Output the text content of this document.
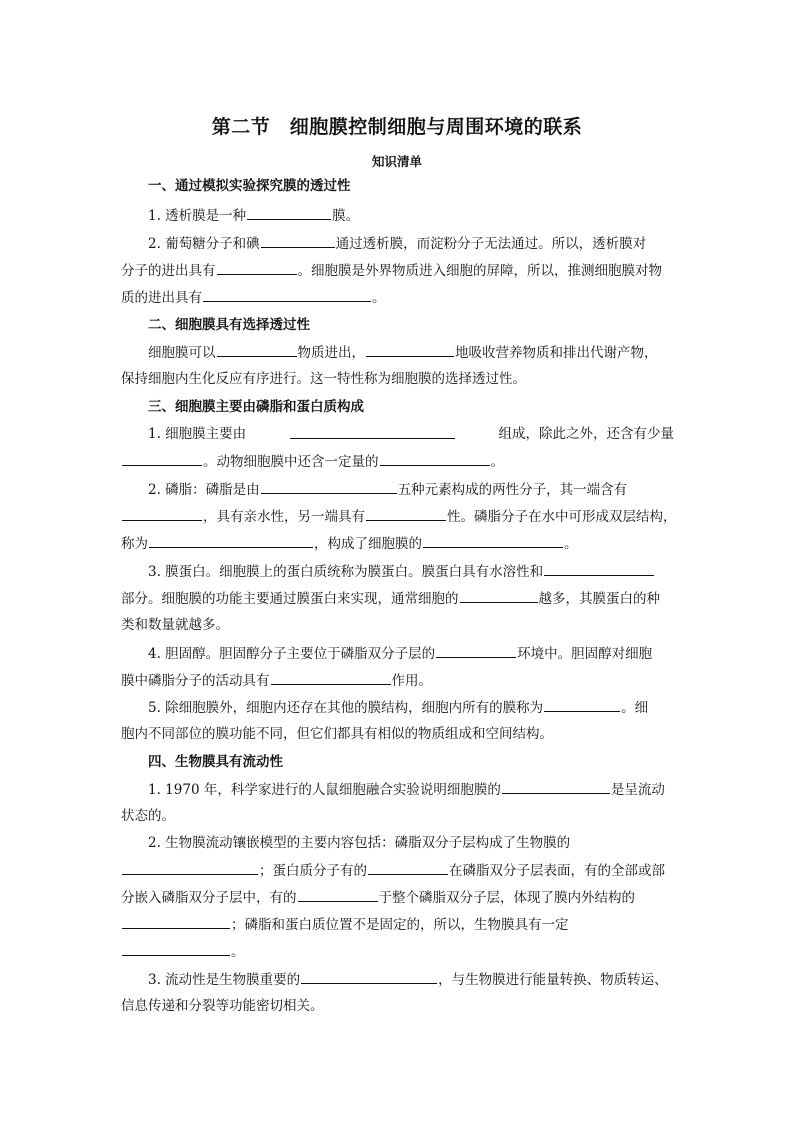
第二节　细胞膜控制细胞与周围环境的联系
知识清单
一、通过模拟实验探究膜的透过性
1. 透析膜是一种	膜。
2. 葡萄糖分子和碘	通过透析膜，而淀粉分子无法通过。所以，透析膜对
分子的进出具有	。细胞膜是外界物质进入细胞的屏障，所以，推测细胞膜对物
质的进出具有	。
二、细胞膜具有选择透过性
细胞膜可以	物质进出，	地吸收营养物质和排出代谢产物，
保持细胞内生化反应有序进行。这一特性称为细胞膜的选择透过性。
三、细胞膜主要由磷脂和蛋白质构成
1. 细胞膜主要由	组成，除此之外，还含有少量
。动物细胞膜中还含一定量的	。
2. 磷脂：磷脂是由	五种元素构成的两性分子，其一端含有
，具有亲水性，另一端具有	性。磷脂分子在水中可形成双层结构，
称为	，构成了细胞膜的	。
3. 膜蛋白。细胞膜上的蛋白质统称为膜蛋白。膜蛋白具有水溶性和
部分。细胞膜的功能主要通过膜蛋白来实现，通常细胞的	越多，其膜蛋白的种
类和数量就越多。
4. 胆固醇。胆固醇分子主要位于磷脂双分子层的	环境中。胆固醇对细胞
膜中磷脂分子的活动具有	作用。
5. 除细胞膜外，细胞内还存在其他的膜结构，细胞内所有的膜称为	。细
胞内不同部位的膜功能不同，但它们都具有相似的物质组成和空间结构。
四、生物膜具有流动性
1. 1970 年，科学家进行的人鼠细胞融合实验说明细胞膜的	是呈流动
状态的。
2. 生物膜流动镶嵌模型的主要内容包括：磷脂双分子层构成了生物膜的
；蛋白质分子有的	在磷脂双分子层表面，有的全部或部
分嵌入磷脂双分子层中，有的	于整个磷脂双分子层，体现了膜内外结构的
；磷脂和蛋白质位置不是固定的，所以，生物膜具有一定
。
3. 流动性是生物膜重要的	，与生物膜进行能量转换、物质转运、
信息传递和分裂等功能密切相关。
